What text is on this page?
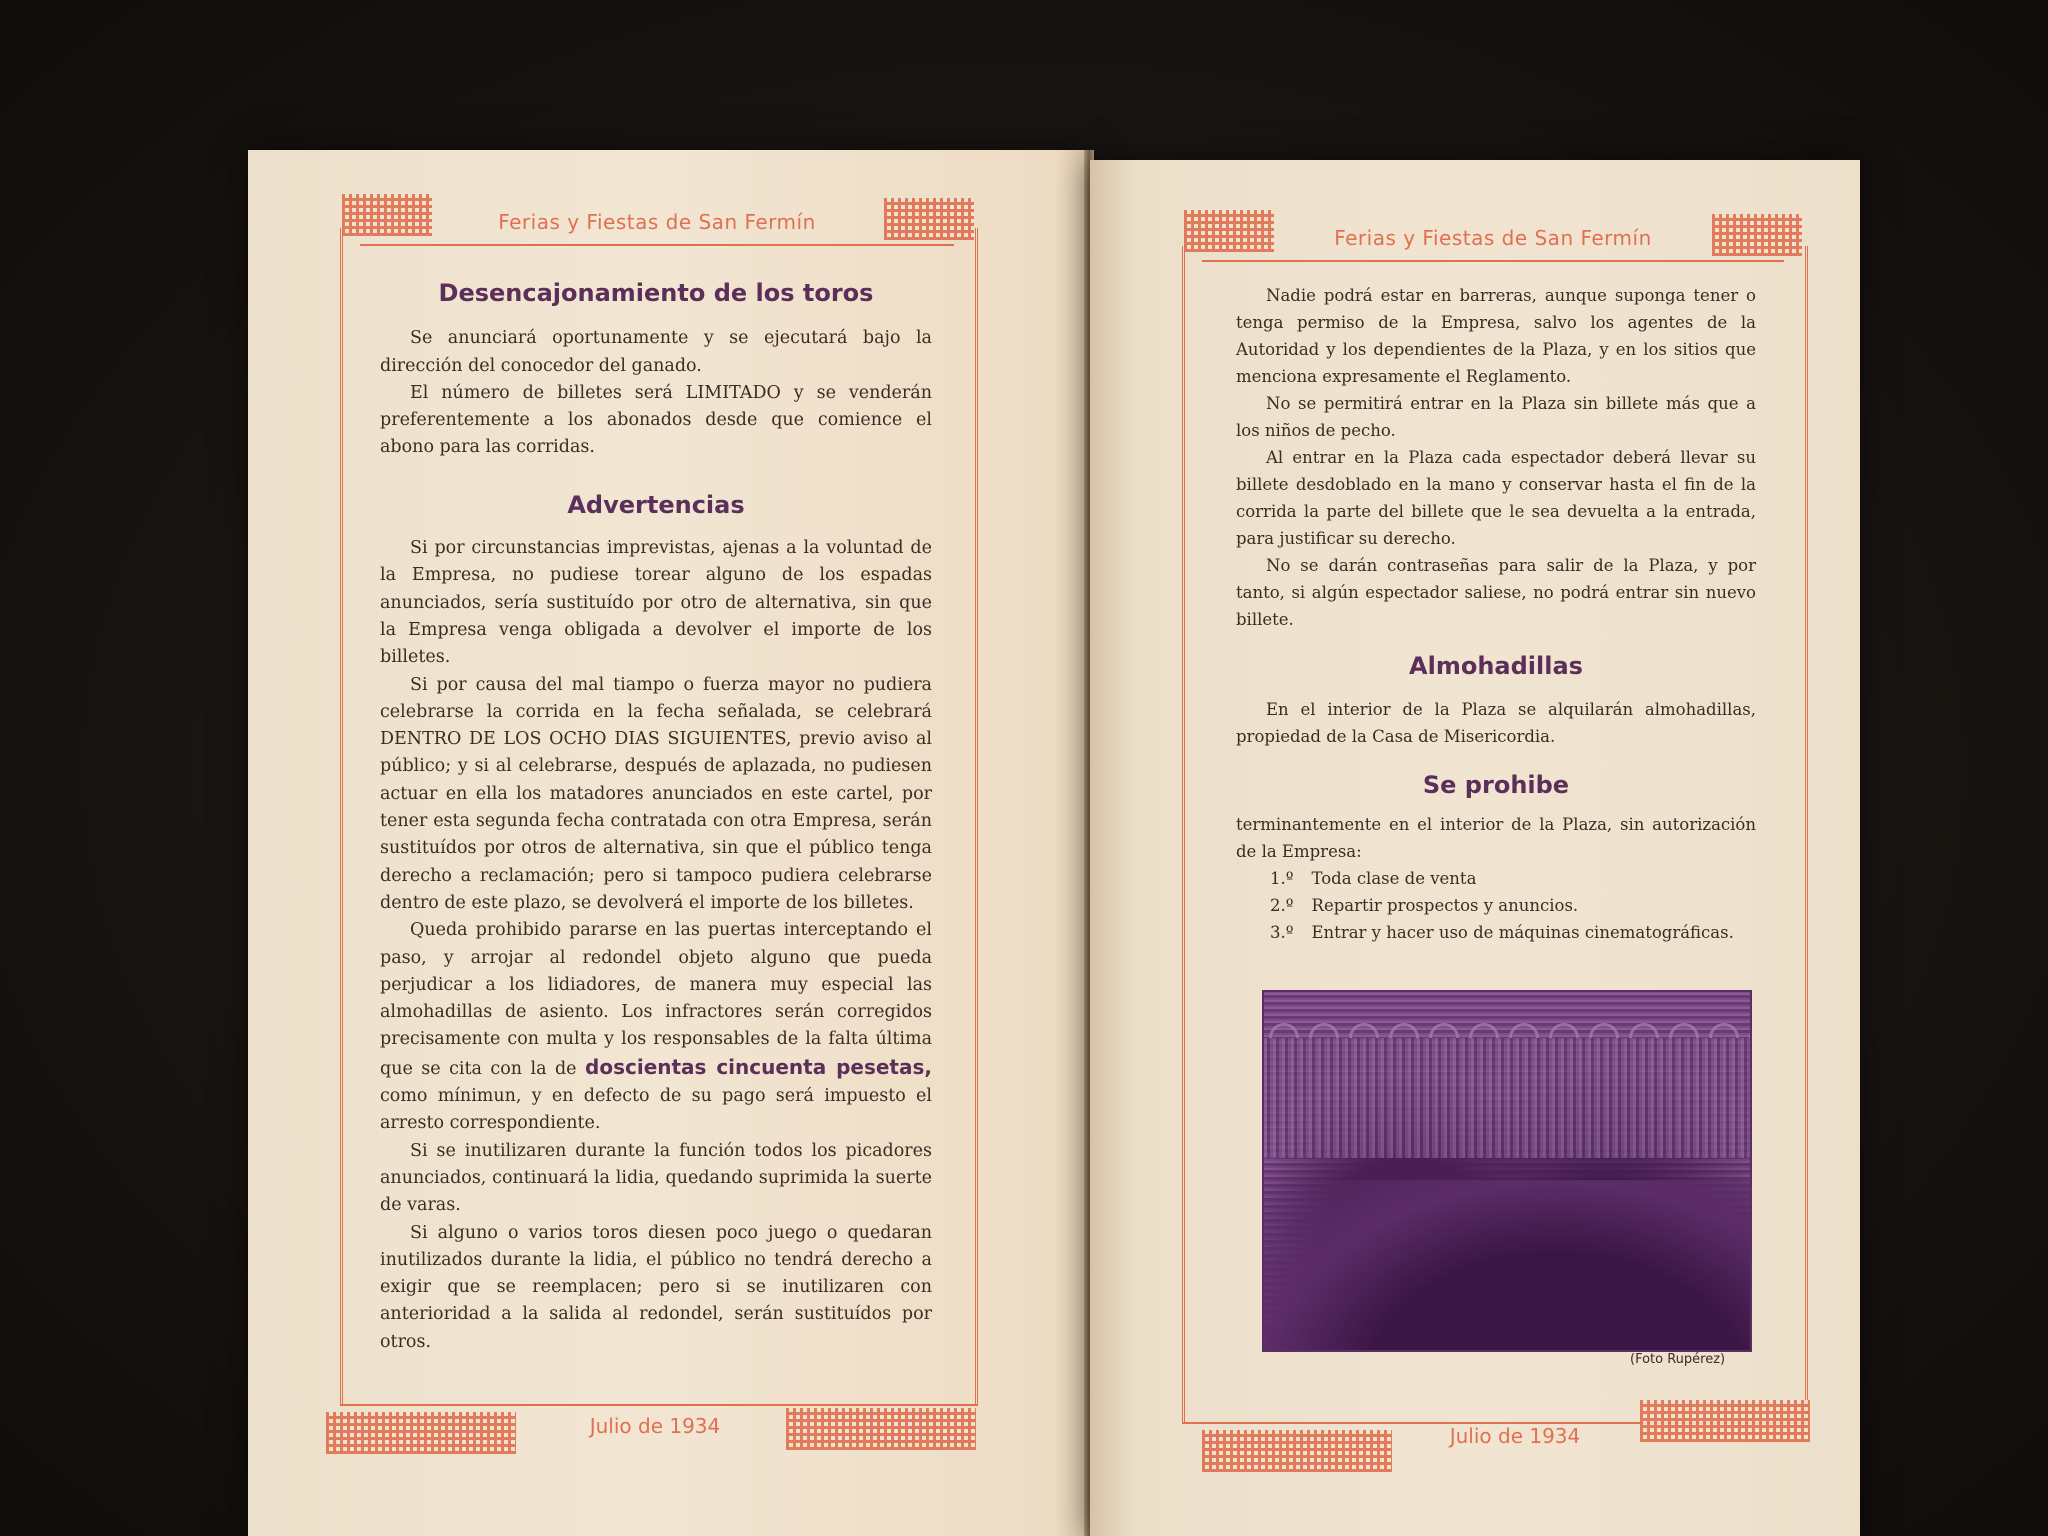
Ferias y Fiestas de San Fermín
Julio de 1934
Desencajonamiento de los toros

Se anunciará oportunamente y se ejecutará bajo la dirección del conocedor del ganado.

El número de billetes será LIMITADO y se venderán preferentemente a los abonados desde que comience el abono para las corridas.

Advertencias

Si por circunstancias imprevistas, ajenas a la voluntad de la Empresa, no pudiese torear alguno de los espadas anunciados, sería sustituído por otro de alternativa, sin que la Empresa venga obligada a devolver el importe de los billetes.

Si por causa del mal tiampo o fuerza mayor no pudiera celebrarse la corrida en la fecha señalada, se celebrará DENTRO DE LOS OCHO DIAS SIGUIENTES, previo aviso al público; y si al celebrarse, después de aplazada, no pudiesen actuar en ella los matadores anunciados en este cartel, por tener esta segunda fecha contratada con otra Empresa, serán sustituídos por otros de alternativa, sin que el público tenga derecho a reclamación; pero si tampoco pudiera celebrarse dentro de este plazo, se devolverá el importe de los billetes.

Queda prohibido pararse en las puertas interceptando el paso, y arrojar al redondel objeto alguno que pueda perjudicar a los lidiadores, de manera muy especial las almohadillas de asiento. Los infractores serán corregidos precisamente con multa y los responsables de la falta última que se cita con la de doscientas cincuenta pesetas, como mínimun, y en defecto de su pago será impuesto el arresto correspondiente.

Si se inutilizaren durante la función todos los picadores anunciados, continuará la lidia, quedando suprimida la suerte de varas.

Si alguno o varios toros diesen poco juego o quedaran inutilizados durante la lidia, el público no tendrá derecho a exigir que se reemplacen; pero si se inutilizaren con anterioridad a la salida al redondel, serán sustituídos por otros.

Ferias y Fiestas de San Fermín
Julio de 1934

Nadie podrá estar en barreras, aunque suponga tener o tenga permiso de la Empresa, salvo los agentes de la Autoridad y los dependientes de la Plaza, y en los sitios que menciona expresamente el Reglamento.

No se permitirá entrar en la Plaza sin billete más que a los niños de pecho.

Al entrar en la Plaza cada espectador deberá llevar su billete desdoblado en la mano y conservar hasta el fin de la corrida la parte del billete que le sea devuelta a la entrada, para justificar su derecho.

No se darán contraseñas para salir de la Plaza, y por tanto, si algún espectador saliese, no podrá entrar sin nuevo billete.

Almohadillas

En el interior de la Plaza se alquilarán almohadillas, propiedad de la Casa de Misericordia.

Se prohibe

terminantemente en el interior de la Plaza, sin autorización de la Empresa:

1.º Toda clase de venta
2.º Repartir prospectos y anuncios.
3.º Entrar y hacer uso de máquinas cinematográficas.
(Foto Rupérez)
